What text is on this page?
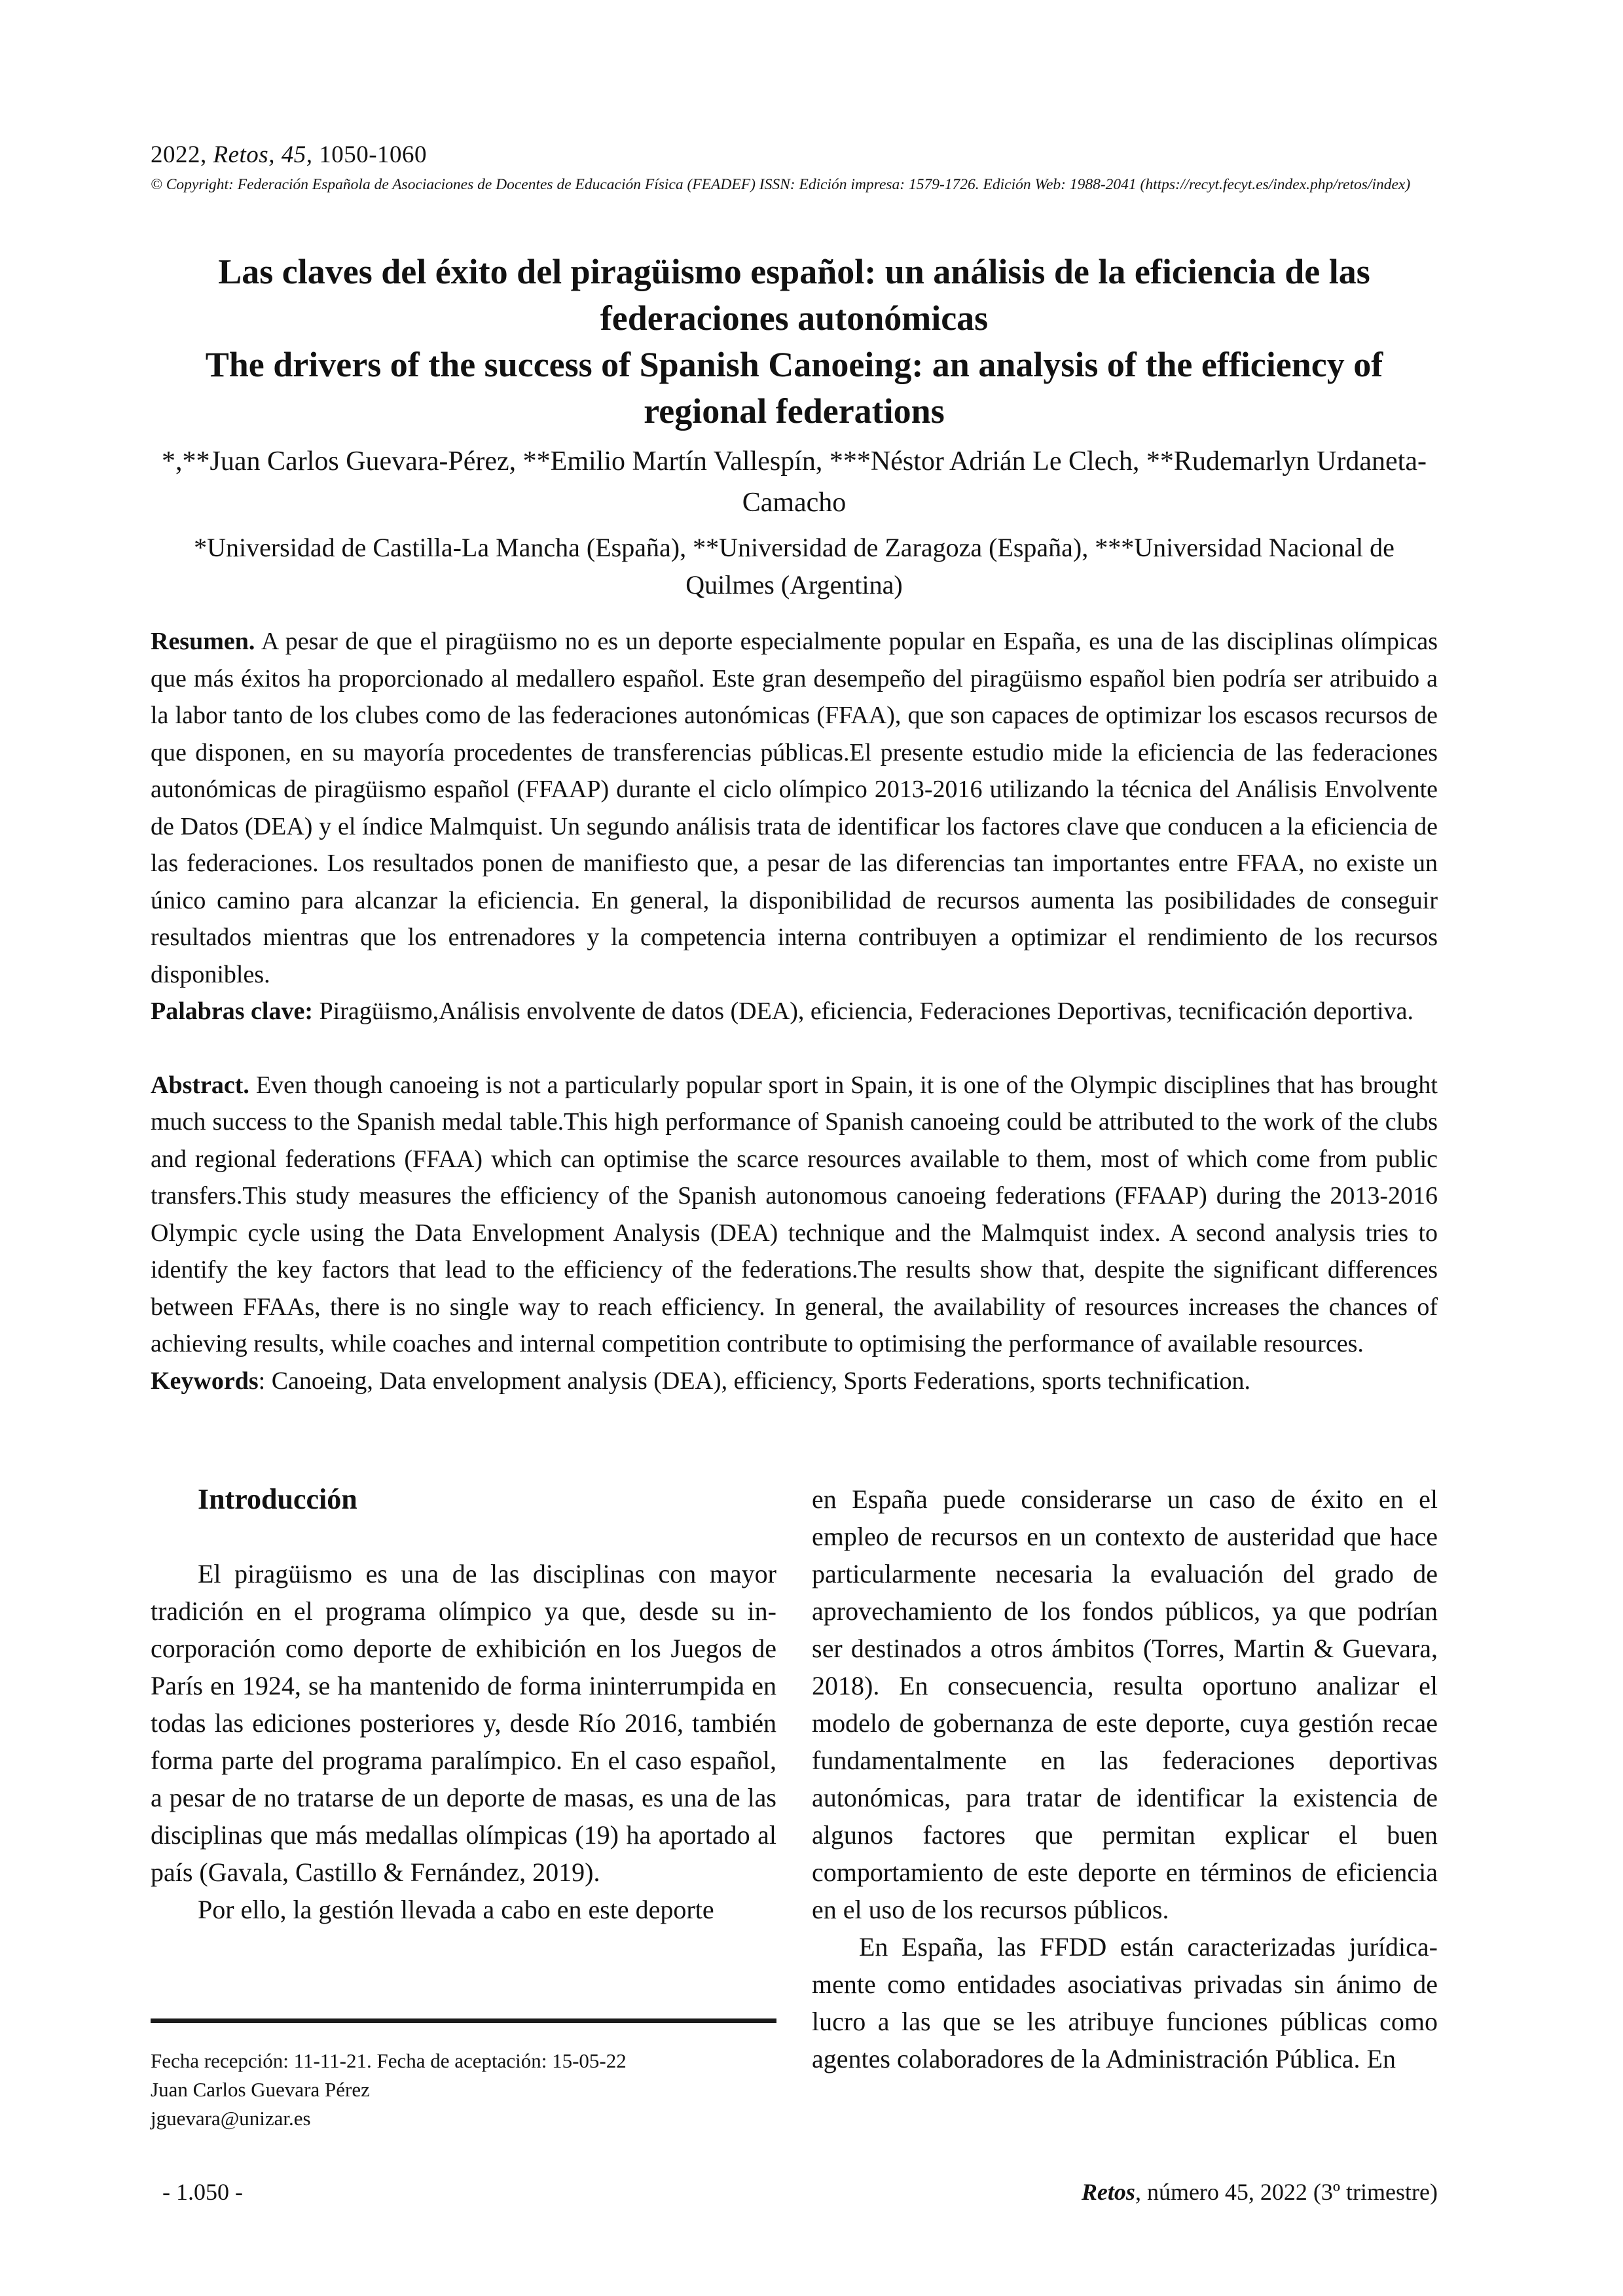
2022, Retos, 45, 1050-1060
© Copyright: Federación Española de Asociaciones de Docentes de Educación Física (FEADEF) ISSN: Edición impresa: 1579-1726. Edición Web: 1988-2041 (https://recyt.fecyt.es/index.php/retos/index)
Las claves del éxito del piragüismo español: un análisis de la eficiencia de las federaciones autonómicas
The drivers of the success of Spanish Canoeing: an analysis of the efficiency of regional federations
*,**Juan Carlos Guevara-Pérez, **Emilio Martín Vallespín, ***Néstor Adrián Le Clech, **Rudemarlyn Urdaneta-Camacho
*Universidad de Castilla-La Mancha (España), **Universidad de Zaragoza (España), ***Universidad Nacional de Quilmes (Argentina)

Resumen. A pesar de que el piragüismo no es un deporte especialmente popular en España, es una de las disciplinas olímpicas que más éxitos ha proporcionado al medallero español. Este gran desempeño del piragüismo español bien podría ser atribuido a la labor tanto de los clubes como de las federaciones autonómicas (FFAA), que son capaces de optimizar los escasos recursos de que disponen, en su mayoría procedentes de transferencias públicas.El presente estudio mide la eficiencia de las federaciones autonómicas de piragüismo español (FFAAP) durante el ciclo olímpico 2013-2016 utilizando la técnica del Análisis Envolvente de Datos (DEA) y el índice Malmquist. Un segundo análisis trata de identificar los factores clave que conducen a la eficiencia de las federaciones. Los resultados ponen de manifiesto que, a pesar de las diferencias tan importantes entre FFAA, no existe un único camino para alcanzar la eficiencia. En general, la disponibilidad de recursos aumenta las posibilidades de conseguir resultados mientras que los entrenadores y la competencia interna contribuyen a optimizar el rendimiento de los recursos disponibles.

Palabras clave: Piragüismo,Análisis envolvente de datos (DEA), eficiencia, Federaciones Deportivas, tecnificación deportiva.

Abstract. Even though canoeing is not a particularly popular sport in Spain, it is one of the Olympic disciplines that has brought much success to the Spanish medal table.This high performance of Spanish canoeing could be attributed to the work of the clubs and regional federations (FFAA) which can optimise the scarce resources available to them, most of which come from public transfers.This study measures the efficiency of the Spanish autonomous canoeing federations (FFAAP) during the 2013-2016 Olympic cycle using the Data Envelopment Analysis (DEA) technique and the Malmquist index. A second analysis tries to identify the key factors that lead to the efficiency of the federations.The results show that, despite the significant differences between FFAAs, there is no single way to reach efficiency. In general, the availability of resources increases the chances of achieving results, while coaches and internal competition contribute to optimising the performance of available resources.

Keywords: Canoeing, Data envelopment analysis (DEA), efficiency, Sports Federations, sports technification.

Introducción

El piragüismo es una de las disciplinas con mayor tradición en el programa olímpico ya que, desde su incorporación como deporte de exhibición en los Juegos de París en 1924, se ha mantenido de forma ininterrumpida en todas las ediciones posteriores y, desde Río 2016, también forma parte del programa paralímpico. En el caso español, a pesar de no tratarse de un deporte de masas, es una de las disciplinas que más medallas olímpicas (19) ha aportado al país (Gavala, Castillo & Fernández, 2019).

Por ello, la gestión llevada a cabo en este deporte

en España puede considerarse un caso de éxito en el empleo de recursos en un contexto de austeridad que hace particularmente necesaria la evaluación del grado de aprovechamiento de los fondos públicos, ya que podrían ser destinados a otros ámbitos (Torres, Martin & Guevara, 2018). En consecuencia, resulta oportuno analizar el modelo de gobernanza de este deporte, cuya gestión recae fundamentalmente en las federaciones deportivas autonómicas, para tratar de identificar la existencia de algunos factores que permitan explicar el buen comportamiento de este deporte en términos de eficiencia en el uso de los recursos públicos.

En España, las FFDD están caracterizadas jurídicamente como entidades asociativas privadas sin ánimo de lucro a las que se les atribuye funciones públicas como agentes colaboradores de la Administración Pública. En

Fecha recepción: 11-11-21. Fecha de aceptación: 15-05-22

Juan Carlos Guevara Pérez

jguevara@unizar.es

- 1.050 -	Retos, número 45, 2022 (3º trimestre)
